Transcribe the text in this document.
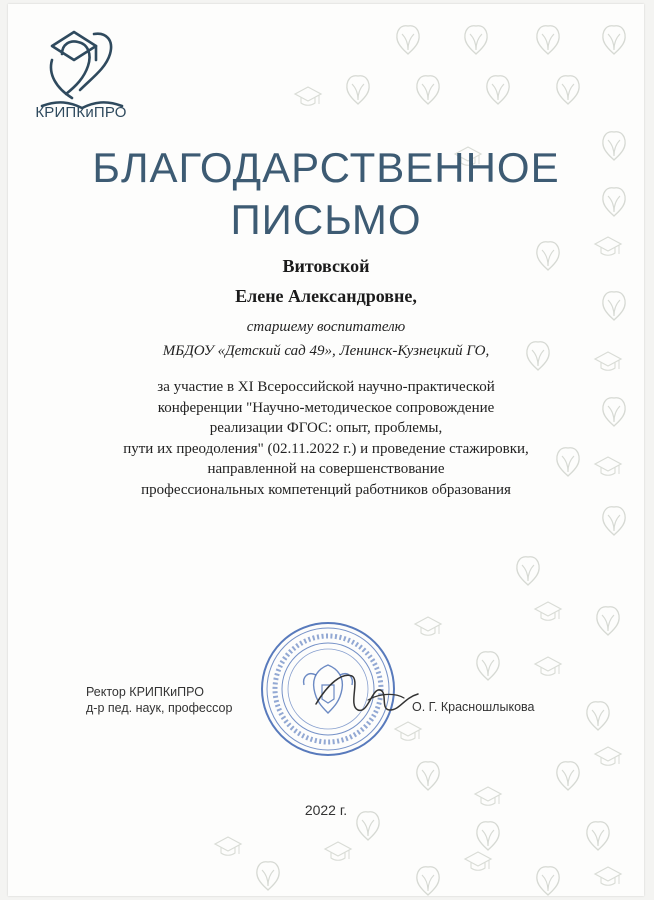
КРИПКиПРО
БЛАГОДАРСТВЕННОЕ
ПИСЬМО

Витовской

Елене Александровне,

старшему воспитателю

МБДОУ «Детский сад 49», Ленинск-Кузнецкий ГО,

за участие в XI Всероссийской научно-практической
конференции "Научно-методическое сопровождение
реализации ФГОС: опыт, проблемы,
пути их преодоления" (02.11.2022 г.) и проведение стажировки,
направленной на совершенствование
профессиональных компетенций работников образования
Ректор КРИПКиПРО
д-р пед. наук, профессор	О. Г. Красношлыкова
2022 г.
